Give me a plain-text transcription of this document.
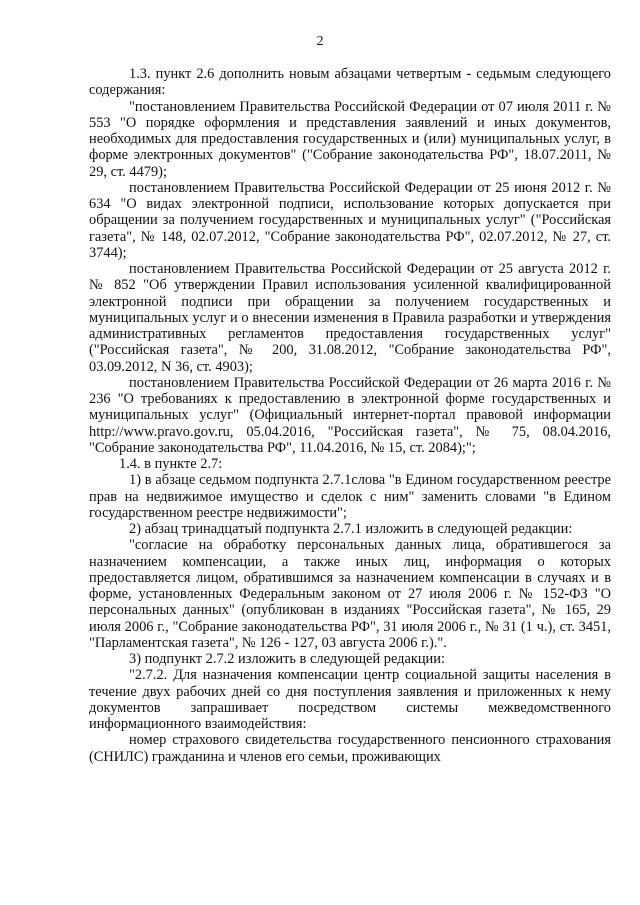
2

1.3. пункт 2.6 дополнить новым абзацами четвертым - седьмым следующего содержания:

"постановлением Правительства Российской Федерации от 07 июля 2011 г. № 553 "О порядке оформления и представления заявлений и иных документов, необходимых для предоставления государственных и (или) муниципальных услуг, в форме электронных документов" ("Собрание законодательства РФ", 18.07.2011, № 29, ст. 4479);

постановлением Правительства Российской Федерации от 25 июня 2012 г. № 634 "О видах электронной подписи, использование которых допускается при обращении за получением государственных и муниципальных услуг" ("Российская газета", № 148, 02.07.2012, "Собрание законодательства РФ", 02.07.2012, № 27, ст. 3744);

постановлением Правительства Российской Федерации от 25 августа 2012 г. № 852 "Об утверждении Правил использования усиленной квалифицированной электронной подписи при обращении за получением государственных и муниципальных услуг и о внесении изменения в Правила разработки и утверждения административных регламентов предоставления государственных услуг" ("Российская газета", № 200, 31.08.2012, "Собрание законодательства РФ", 03.09.2012, N 36, ст. 4903);

постановлением Правительства Российской Федерации от 26 марта 2016 г. № 236 "О требованиях к предоставлению в электронной форме государственных и муниципальных услуг" (Официальный интернет-портал правовой информации http://www.pravo.gov.ru, 05.04.2016, "Российская газета", № 75, 08.04.2016, "Собрание законодательства РФ", 11.04.2016, № 15, ст. 2084);";

1.4. в пункте 2.7:

1) в абзаце седьмом подпункта 2.7.1слова "в Едином государственном реестре прав на недвижимое имущество и сделок с ним" заменить словами "в Едином государственном реестре недвижимости";

2) абзац тринадцатый подпункта 2.7.1 изложить в следующей редакции:

"согласие на обработку персональных данных лица, обратившегося за назначением компенсации, а также иных лиц, информация о которых предоставляется лицом, обратившимся за назначением компенсации в случаях и в форме, установленных Федеральным законом от 27 июля 2006 г. № 152-ФЗ "О персональных данных" (опубликован в изданиях "Российская газета", № 165, 29 июля 2006 г., "Собрание законодательства РФ", 31 июля 2006 г., № 31 (1 ч.), ст. 3451, "Парламентская газета", № 126 - 127, 03 августа 2006 г.).".

3) подпункт 2.7.2 изложить в следующей редакции:

"2.7.2. Для назначения компенсации центр социальной защиты населения в течение двух рабочих дней со дня поступления заявления и приложенных к нему документов запрашивает посредством системы межведомственного информационного взаимодействия:

номер страхового свидетельства государственного пенсионного страхования (СНИЛС) гражданина и членов его семьи, проживающих
